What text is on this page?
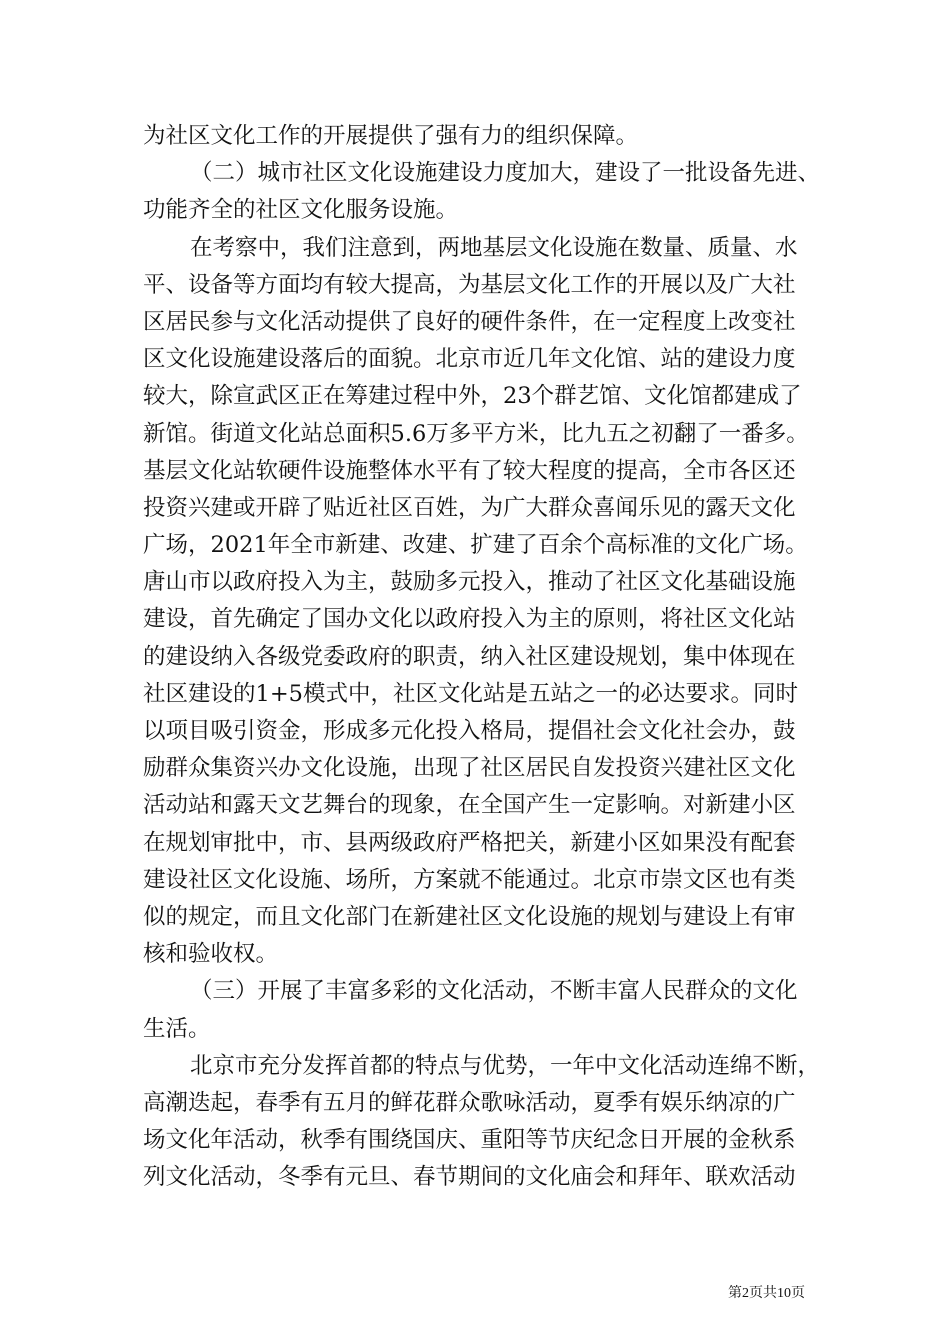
为社区文化工作的开展提供了强有力的组织保障。
（二）城市社区文化设施建设力度加大，建设了一批设备先进、
功能齐全的社区文化服务设施。
在考察中，我们注意到，两地基层文化设施在数量、质量、水
平、设备等方面均有较大提高，为基层文化工作的开展以及广大社
区居民参与文化活动提供了良好的硬件条件，在一定程度上改变社
区文化设施建设落后的面貌。北京市近几年文化馆、站的建设力度
较大，除宣武区正在筹建过程中外，23个群艺馆、文化馆都建成了
新馆。街道文化站总面积5.6万多平方米，比九五之初翻了一番多。
基层文化站软硬件设施整体水平有了较大程度的提高，全市各区还
投资兴建或开辟了贴近社区百姓，为广大群众喜闻乐见的露天文化
广场，2021年全市新建、改建、扩建了百余个高标准的文化广场。
唐山市以政府投入为主，鼓励多元投入，推动了社区文化基础设施
建设，首先确定了国办文化以政府投入为主的原则，将社区文化站
的建设纳入各级党委政府的职责，纳入社区建设规划，集中体现在
社区建设的1+5模式中，社区文化站是五站之一的必达要求。同时
以项目吸引资金，形成多元化投入格局，提倡社会文化社会办，鼓
励群众集资兴办文化设施，出现了社区居民自发投资兴建社区文化
活动站和露天文艺舞台的现象，在全国产生一定影响。对新建小区
在规划审批中，市、县两级政府严格把关，新建小区如果没有配套
建设社区文化设施、场所，方案就不能通过。北京市崇文区也有类
似的规定，而且文化部门在新建社区文化设施的规划与建设上有审
核和验收权。
（三）开展了丰富多彩的文化活动，不断丰富人民群众的文化
生活。
北京市充分发挥首都的特点与优势，一年中文化活动连绵不断，
高潮迭起，春季有五月的鲜花群众歌咏活动，夏季有娱乐纳凉的广
场文化年活动，秋季有围绕国庆、重阳等节庆纪念日开展的金秋系
列文化活动，冬季有元旦、春节期间的文化庙会和拜年、联欢活动
第2页共10页
